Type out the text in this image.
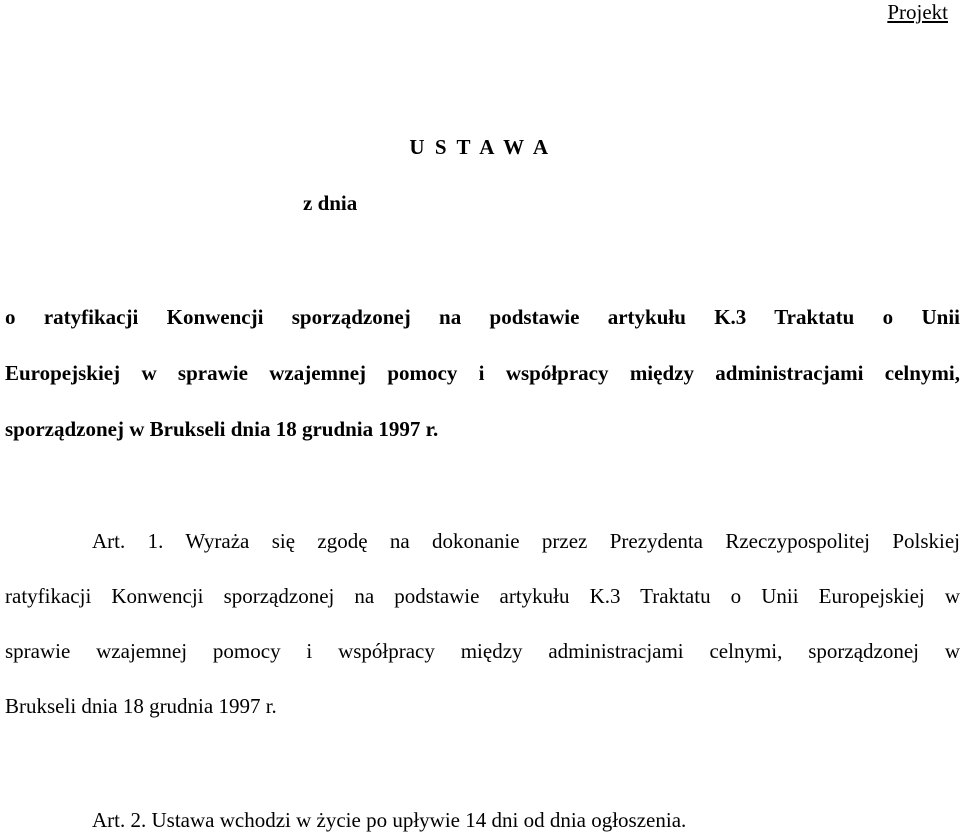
Projekt
U S T A W A
z dnia
o ratyfikacji Konwencji sporządzonej na podstawie artykułu K.3 Traktatu o Unii
Europejskiej w sprawie wzajemnej pomocy i współpracy między administracjami celnymi,
sporządzonej w Brukseli dnia 18 grudnia 1997 r.
Art. 1. Wyraża się zgodę na dokonanie przez Prezydenta Rzeczypospolitej Polskiej
ratyfikacji Konwencji sporządzonej na podstawie artykułu K.3 Traktatu o Unii Europejskiej w
sprawie wzajemnej pomocy i współpracy między administracjami celnymi, sporządzonej w
Brukseli dnia 18 grudnia 1997 r.
Art. 2. Ustawa wchodzi w życie po upływie 14 dni od dnia ogłoszenia.
